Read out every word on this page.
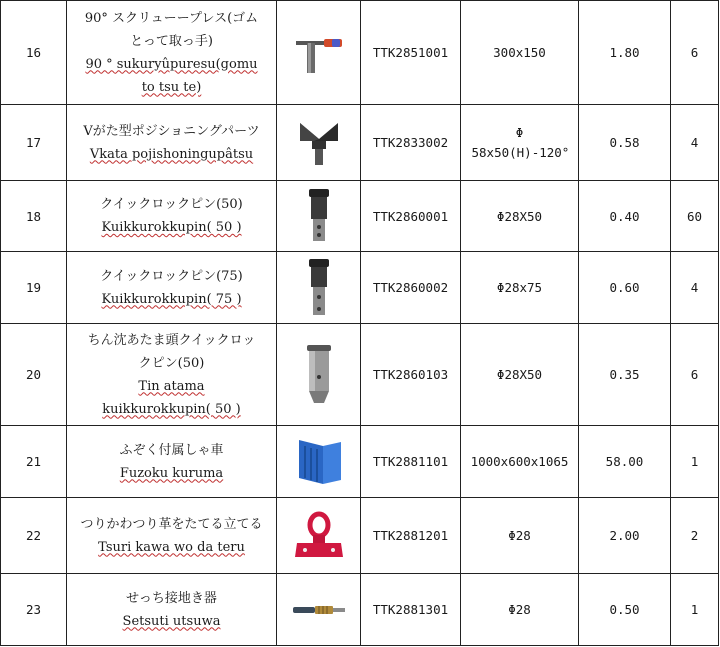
16	90° スクリューープレス(ゴムとって取っ手)
90 ° sukuryûpuresu(gomu to tsu te)		TTK2851001	300x150	1.80	6
17	Vがた型ポジショニングパーツ
Vkata pojishoningupâtsu		TTK2833002	Φ 58x50(H)-120°	0.58	4
18	クイックロックピン(50)
Kuikkurokkupin( 50 )		TTK2860001	Φ28X50	0.40	60
19	クイックロックピン(75)
Kuikkurokkupin( 75 )		TTK2860002	Φ28x75	0.60	4
20	ちん沈あたま頭クイックロックピン(50)
Tin atama kuikkurokkupin( 50 )		TTK2860103	Φ28X50	0.35	6
21	ふぞく付属しゃ車
Fuzoku kuruma		TTK2881101	1000x600x1065	58.00	1
22	つりかわつり革をたてる立てる
Tsuri kawa wo da teru		TTK2881201	Φ28	2.00	2
23	せっち接地き器
Setsuti utsuwa		TTK2881301	Φ28	0.50	1
